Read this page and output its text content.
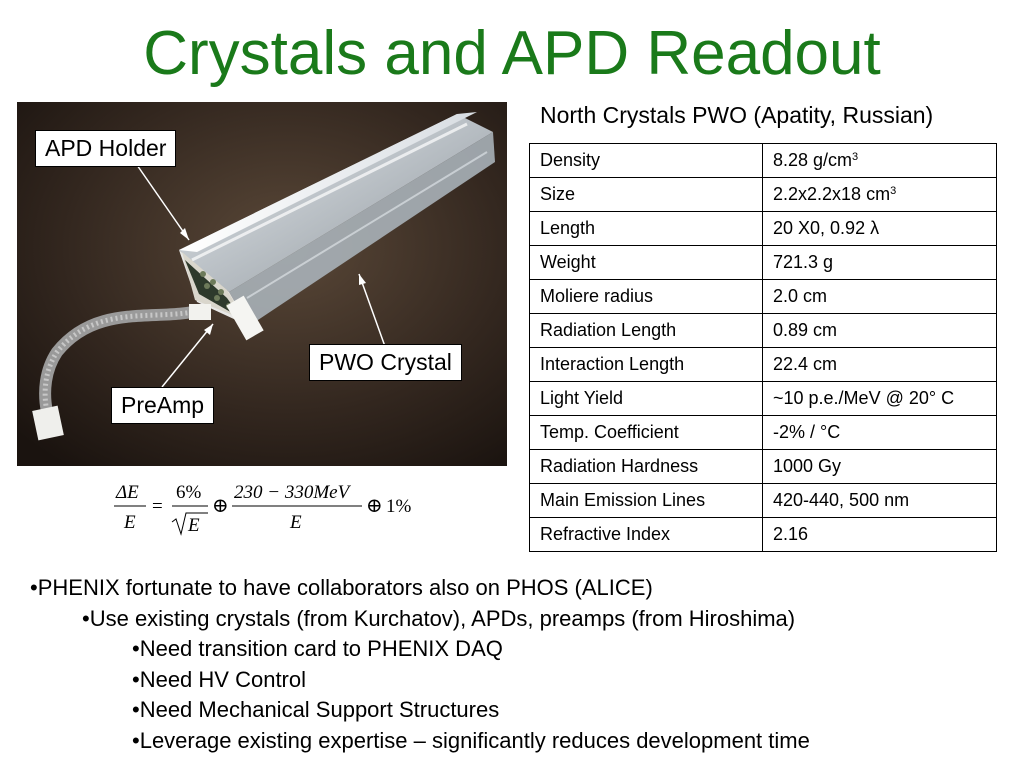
Crystals and APD Readout
APD Holder
PWO Crystal
PreAmp
ΔE
E
=
6%
E
⊕
230 − 330MeV
E
⊕ 1%
North Crystals PWO (Apatity, Russian)
Density	8.28 $g/cm^3$
Size	2.2x2.2x18 $cm^3$
Length	20 X0, 0.92 λ
Weight	721.3 g
Moliere radius	2.0 cm
Radiation Length	0.89 cm
Interaction Length	22.4 cm
Light Yield	~10 p.e./MeV @ 20° C
Temp. Coefficient	-2% / °C
Radiation Hardness	1000 Gy
Main Emission Lines	420-440, 500 nm
Refractive Index	2.16
•PHENIX fortunate to have collaborators also on PHOS (ALICE)
•Use existing crystals (from Kurchatov), APDs, preamps (from Hiroshima)
•Need transition card to PHENIX DAQ
•Need HV Control
•Need Mechanical Support Structures
•Leverage existing expertise – significantly reduces development time
